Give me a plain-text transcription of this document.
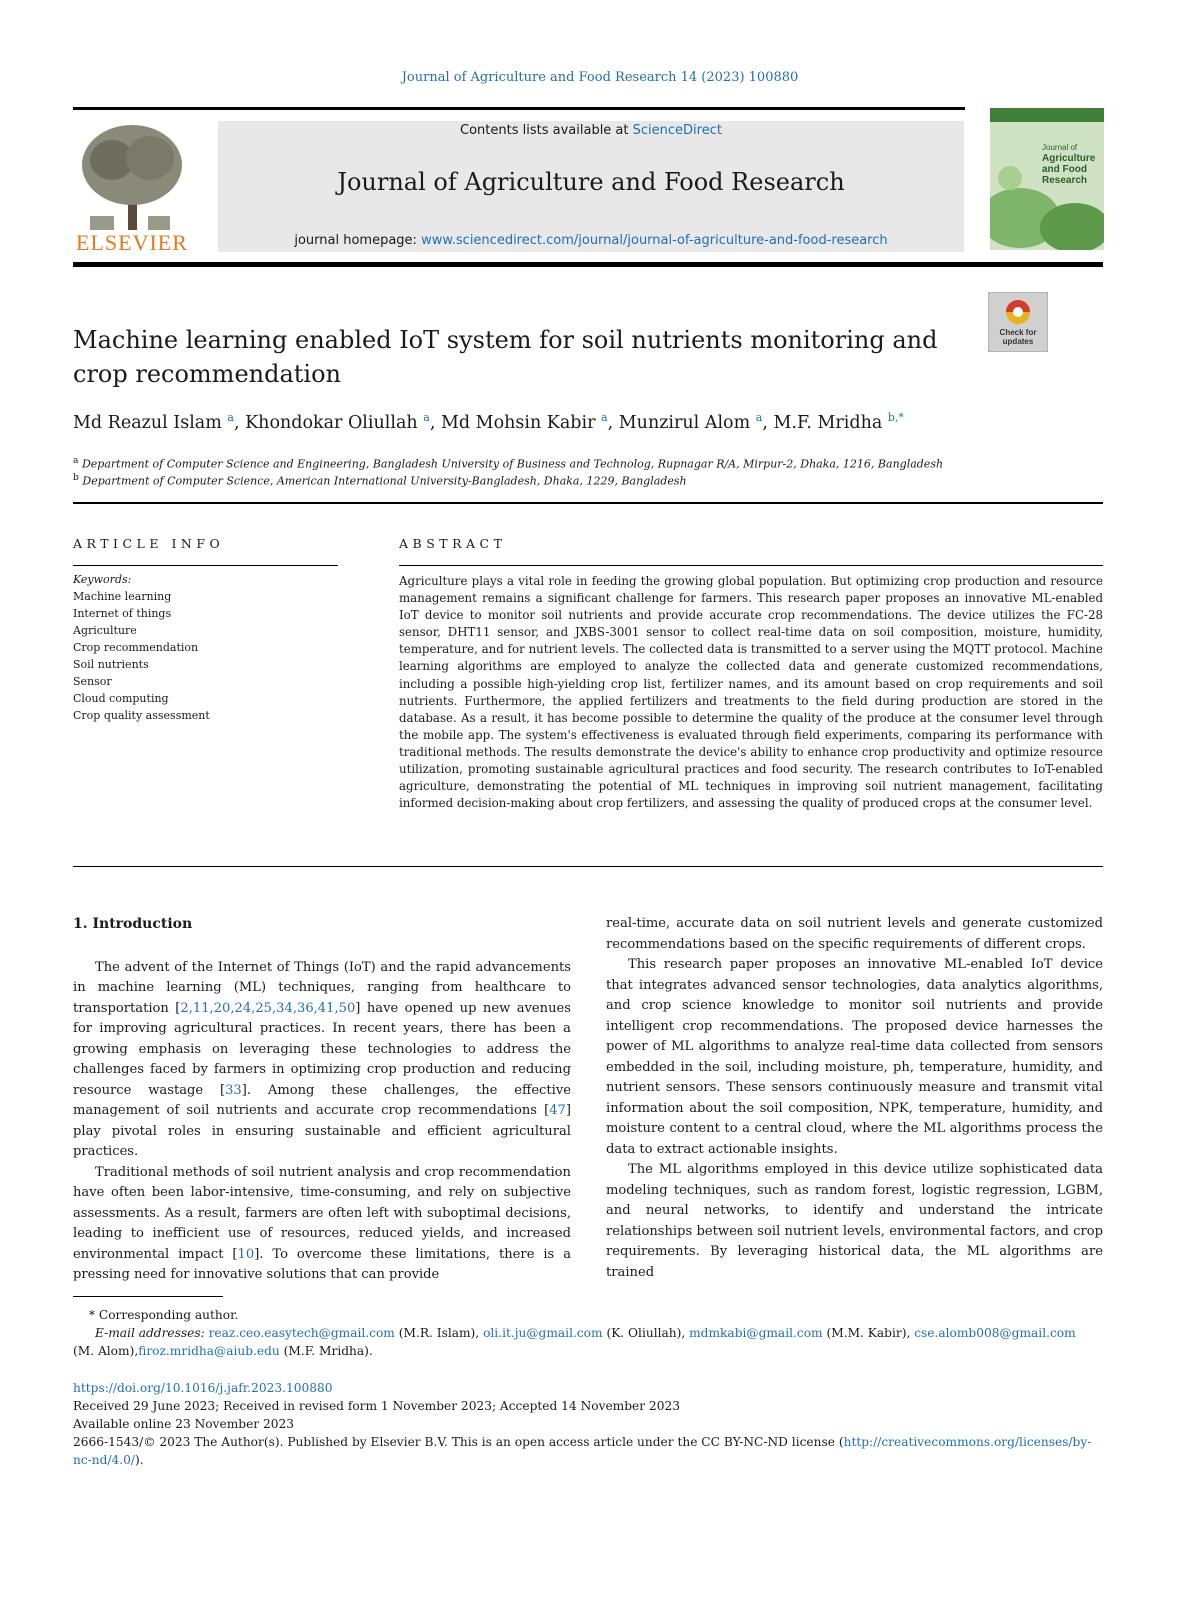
Journal of Agriculture and Food Research 14 (2023) 100880
ELSEVIER
Contents lists available at ScienceDirect
Journal of Agriculture and Food Research
journal homepage: www.sciencedirect.com/journal/journal-of-agriculture-and-food-research
Journal of
Agriculture
and Food
Research
Check for
updates
Machine learning enabled IoT system for soil nutrients monitoring and
crop recommendation
Md Reazul Islam $^a$, Khondokar Oliullah $^a$, Md Mohsin Kabir $^a$, Munzirul Alom $^a$, M.F. Mridha $^{b,*}$
$^a$ Department of Computer Science and Engineering, Bangladesh University of Business and Technolog, Rupnagar R/A, Mirpur-2, Dhaka, 1216, Bangladesh
$^b$ Department of Computer Science, American International University-Bangladesh, Dhaka, 1229, Bangladesh
ARTICLE INFO
Keywords:
Machine learning
Internet of things
Agriculture
Crop recommendation
Soil nutrients
Sensor
Cloud computing
Crop quality assessment
ABSTRACT
Agriculture plays a vital role in feeding the growing global population. But optimizing crop production and resource management remains a significant challenge for farmers. This research paper proposes an innovative ML-enabled IoT device to monitor soil nutrients and provide accurate crop recommendations. The device utilizes the FC-28 sensor, DHT11 sensor, and JXBS-3001 sensor to collect real-time data on soil composition, moisture, humidity, temperature, and for nutrient levels. The collected data is transmitted to a server using the MQTT protocol. Machine learning algorithms are employed to analyze the collected data and generate customized recommendations, including a possible high-yielding crop list, fertilizer names, and its amount based on crop requirements and soil nutrients. Furthermore, the applied fertilizers and treatments to the field during production are stored in the database. As a result, it has become possible to determine the quality of the produce at the consumer level through the mobile app. The system's effectiveness is evaluated through field experiments, comparing its performance with traditional methods. The results demonstrate the device's ability to enhance crop productivity and optimize resource utilization, promoting sustainable agricultural practices and food security. The research contributes to IoT-enabled agriculture, demonstrating the potential of ML techniques in improving soil nutrient management, facilitating informed decision-making about crop fertilizers, and assessing the quality of produced crops at the consumer level.
1. Introduction

The advent of the Internet of Things (IoT) and the rapid advancements in machine learning (ML) techniques, ranging from healthcare to transportation [2,11,20,24,25,34,36,41,50] have opened up new avenues for improving agricultural practices. In recent years, there has been a growing emphasis on leveraging these technologies to address the challenges faced by farmers in optimizing crop production and reducing resource wastage [33]. Among these challenges, the effective management of soil nutrients and accurate crop recommendations [47] play pivotal roles in ensuring sustainable and efficient agricultural practices.

Traditional methods of soil nutrient analysis and crop recommendation have often been labor-intensive, time-consuming, and rely on subjective assessments. As a result, farmers are often left with suboptimal decisions, leading to inefficient use of resources, reduced yields, and increased environmental impact [10]. To overcome these limitations, there is a pressing need for innovative solutions that can provide

real-time, accurate data on soil nutrient levels and generate customized recommendations based on the specific requirements of different crops.

This research paper proposes an innovative ML-enabled IoT device that integrates advanced sensor technologies, data analytics algorithms, and crop science knowledge to monitor soil nutrients and provide intelligent crop recommendations. The proposed device harnesses the power of ML algorithms to analyze real-time data collected from sensors embedded in the soil, including moisture, ph, temperature, humidity, and nutrient sensors. These sensors continuously measure and transmit vital information about the soil composition, NPK, temperature, humidity, and moisture content to a central cloud, where the ML algorithms process the data to extract actionable insights.

The ML algorithms employed in this device utilize sophisticated data modeling techniques, such as random forest, logistic regression, LGBM, and neural networks, to identify and understand the intricate relationships between soil nutrient levels, environmental factors, and crop requirements. By leveraging historical data, the ML algorithms are trained

* Corresponding author.
E-mail addresses: reaz.ceo.easytech@gmail.com (M.R. Islam), oli.it.ju@gmail.com (K. Oliullah), mdmkabi@gmail.com (M.M. Kabir), cse.alomb008@gmail.com
(M. Alom),firoz.mridha@aiub.edu (M.F. Mridha).
https://doi.org/10.1016/j.jafr.2023.100880
Received 29 June 2023; Received in revised form 1 November 2023; Accepted 14 November 2023
Available online 23 November 2023
2666-1543/© 2023 The Author(s). Published by Elsevier B.V. This is an open access article under the CC BY-NC-ND license (http://creativecommons.org/licenses/by-
nc-nd/4.0/).
